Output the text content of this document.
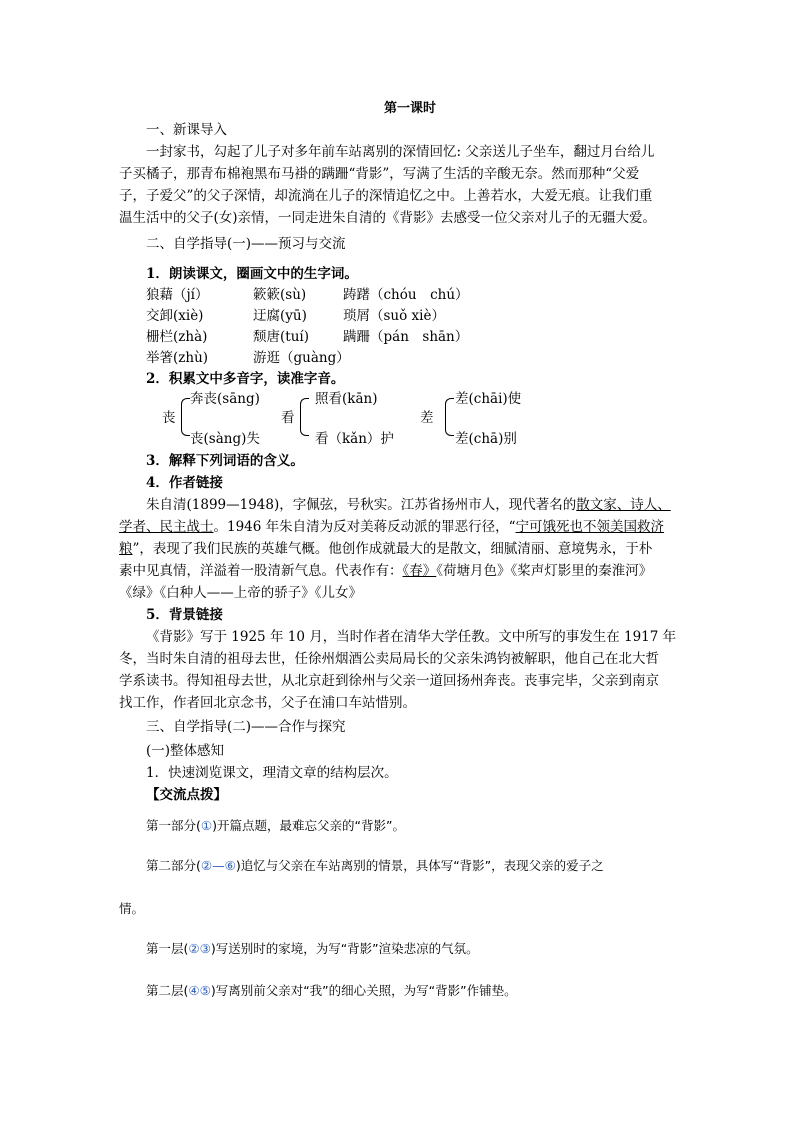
第一课时
一、新课导入
一封家书，勾起了儿子对多年前车站离别的深情回忆: 父亲送儿子坐车，翻过月台给儿
子买橘子，那青布棉袍黑布马褂的蹒跚“背影”，写满了生活的辛酸无奈。然而那种“父爱
子，子爱父”的父子深情，却流淌在儿子的深情追忆之中。上善若水，大爱无痕。让我们重
温生活中的父子(女)亲情，一同走进朱自清的《背影》去感受一位父亲对儿子的无疆大爱。
二、自学指导(一)——预习与交流
1．朗读课文，圈画文中的生字词。
狼藉（jí）	簌簌(sù)	踌躇（chóu　chú）
交卸(xiè)	迂腐(yū)	琐屑（suǒ xiè）
栅栏(zhà)	颓唐(tuí)	蹒跚（pán　shān）
举箸(zhù)	游逛（guàng）
2．积累文中多音字，读准字音。
丧
奔丧(sāng)
丧(sàng)失
看
照看(kān)
看（kǎn）护
差
差(chāi)使
差(chā)别
3．解释下列词语的含义。
4．作者链接
朱自清(1899—1948)，字佩弦，号秋实。江苏省扬州市人，现代著名的散文家、诗人、
学者、民主战士。1946 年朱自清为反对美蒋反动派的罪恶行径，“宁可饿死也不领美国救济
粮”，表现了我们民族的英雄气概。他创作成就最大的是散文，细腻清丽、意境隽永，于朴
素中见真情，洋溢着一股清新气息。代表作有：《春》《荷塘月色》《桨声灯影里的秦淮河》
《绿》《白种人——上帝的骄子》《儿女》
5．背景链接
《背影》写于 1925 年 10 月，当时作者在清华大学任教。文中所写的事发生在 1917 年
冬，当时朱自清的祖母去世，任徐州烟酒公卖局局长的父亲朱鸿钧被解职，他自己在北大哲
学系读书。得知祖母去世，从北京赶到徐州与父亲一道回扬州奔丧。丧事完毕，父亲到南京
找工作，作者回北京念书，父子在浦口车站惜别。
三、自学指导(二)——合作与探究
(一)整体感知
1．快速浏览课文，理清文章的结构层次。
【交流点拨】
第一部分(①)开篇点题，最难忘父亲的“背影”。
第二部分(②—⑥)追忆与父亲在车站离别的情景，具体写“背影”，表现父亲的爱子之
情。
第一层(②③)写送别时的家境，为写“背影”渲染悲凉的气氛。
第二层(④⑤)写离别前父亲对“我”的细心关照，为写“背影”作铺垫。
